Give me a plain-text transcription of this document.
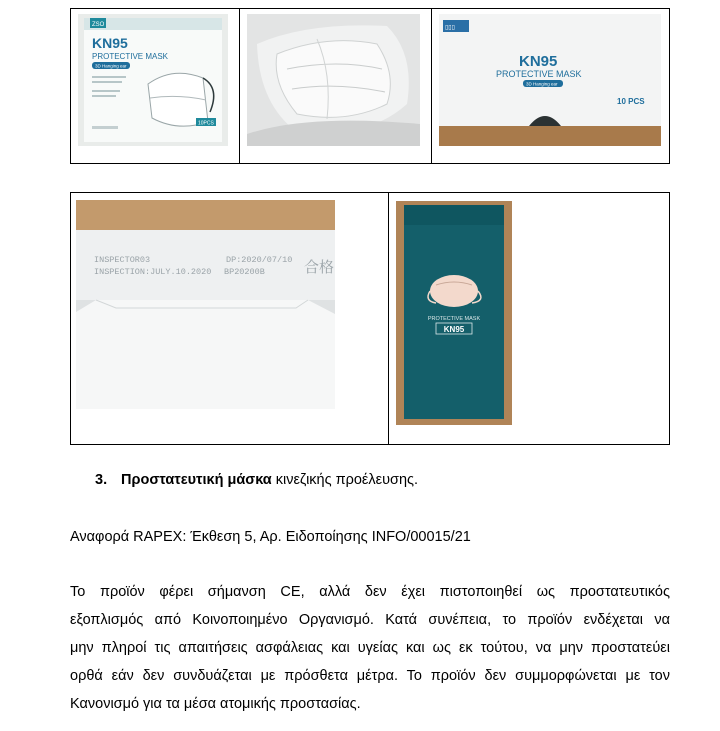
ZSO
KN95
PROTECTIVE MASK
3D Hanging ear
10PCS
▯▯▯
KN95
PROTECTIVE MASK
3D Hanging ear
10 PCS
INSPECTOR03	DP:2020/07/10
INSPECTION:JULY.10.2020 BP20200B	合格
PROTECTIVE MASK
KN95
3. Προστατευτική μάσκα κινεζικής προέλευσης.
Αναφορά RAPEX: Έκθεση 5, Αρ. Ειδοποίησης INFO/00015/21
Το προϊόν φέρει σήμανση CE, αλλά δεν έχει πιστοποιηθεί ως προστατευτικός
εξοπλισμός από Κοινοποιημένο Οργανισμό. Κατά συνέπεια, το προϊόν ενδέχεται να
μην πληροί τις απαιτήσεις ασφάλειας και υγείας και ως εκ τούτου, να μην προστατεύει
ορθά εάν δεν συνδυάζεται με πρόσθετα μέτρα. Το προϊόν δεν συμμορφώνεται με τον
Κανονισμό για τα μέσα ατομικής προστασίας.
